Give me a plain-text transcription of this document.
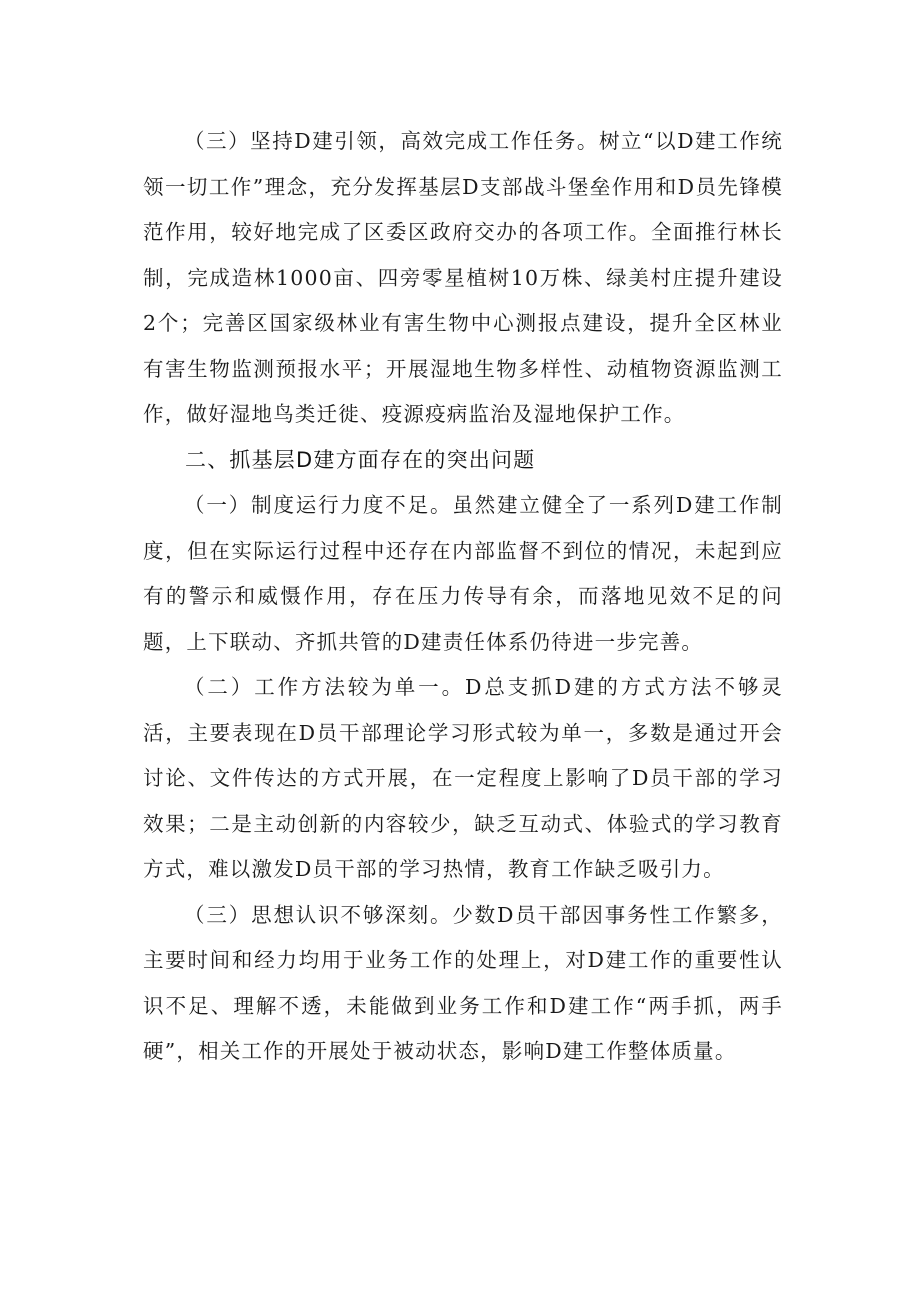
（三）坚持D建引领，高效完成工作任务。树立“以D建工作统领一切工作”理念，充分发挥基层D支部战斗堡垒作用和D员先锋模范作用，较好地完成了区委区政府交办的各项工作。全面推行林长制，完成造林1000亩、四旁零星植树10万株、绿美村庄提升建设2个；完善区国家级林业有害生物中心测报点建设，提升全区林业有害生物监测预报水平；开展湿地生物多样性、动植物资源监测工作，做好湿地鸟类迁徙、疫源疫病监治及湿地保护工作。

二、抓基层D建方面存在的突出问题

（一）制度运行力度不足。虽然建立健全了一系列D建工作制度，但在实际运行过程中还存在内部监督不到位的情况，未起到应有的警示和威慑作用，存在压力传导有余，而落地见效不足的问题，上下联动、齐抓共管的D建责任体系仍待进一步完善。

（二）工作方法较为单一。D总支抓D建的方式方法不够灵活，主要表现在D员干部理论学习形式较为单一，多数是通过开会讨论、文件传达的方式开展，在一定程度上影响了D员干部的学习效果；二是主动创新的内容较少，缺乏互动式、体验式的学习教育方式，难以激发D员干部的学习热情，教育工作缺乏吸引力。

（三）思想认识不够深刻。少数D员干部因事务性工作繁多，主要时间和经力均用于业务工作的处理上，对D建工作的重要性认识不足、理解不透，未能做到业务工作和D建工作“两手抓，两手硬”，相关工作的开展处于被动状态，影响D建工作整体质量。
